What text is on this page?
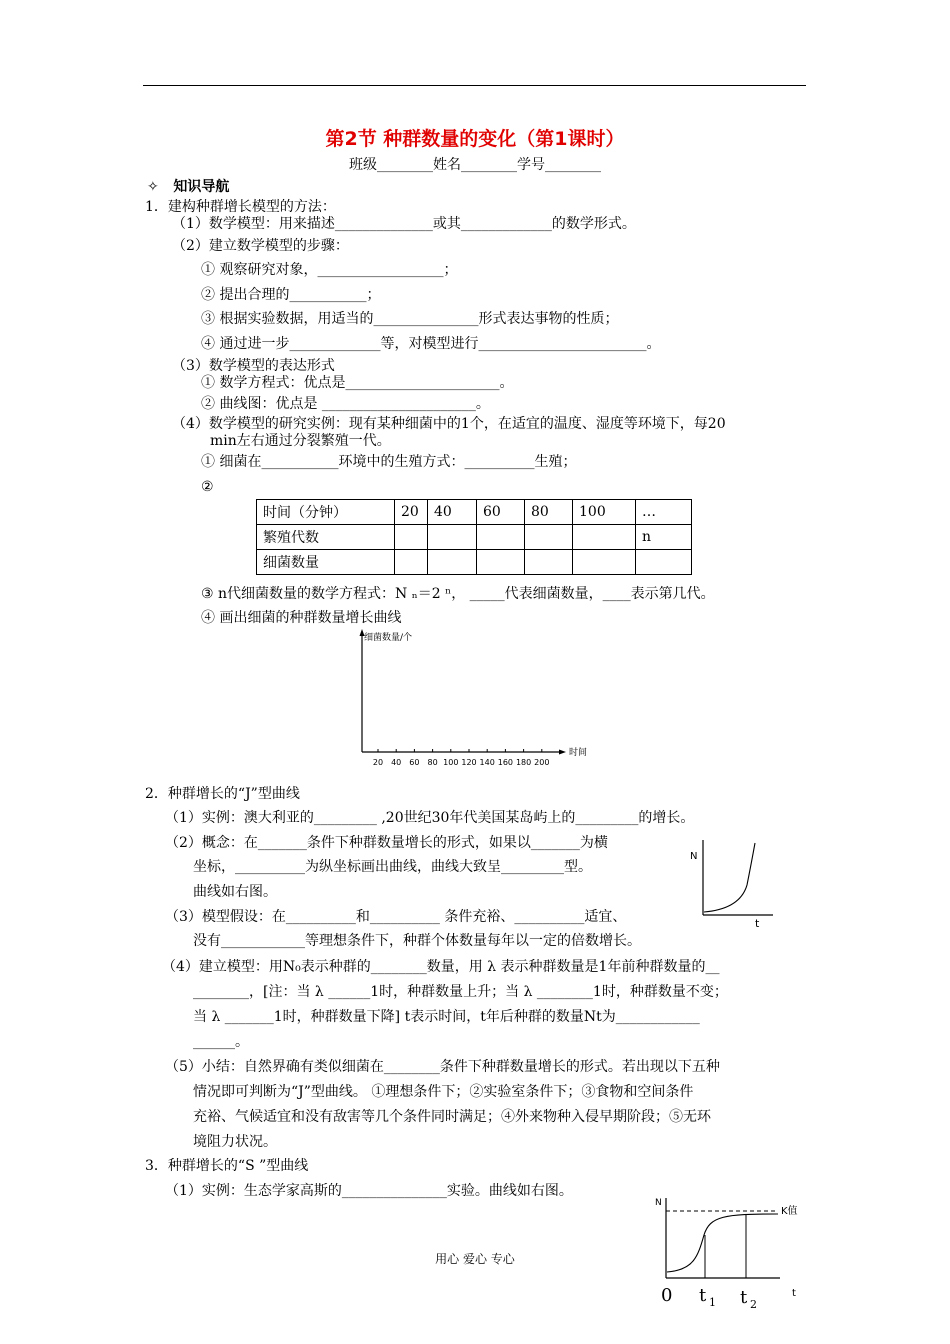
第2节 种群数量的变化（第1课时）
班级________姓名________学号________
✧ 知识导航
1．建构种群增长模型的方法：
（1）数学模型：用来描述______________或其_____________的数学形式。
（2）建立数学模型的步骤：
① 观察研究对象，__________________；
② 提出合理的___________；
③ 根据实验数据，用适当的_______________形式表达事物的性质；
④ 通过进一步_____________等，对模型进行________________________。
（3）数学模型的表达形式
① 数学方程式：优点是______________________。
② 曲线图：优点是 ______________________。
（4）数学模型的研究实例：现有某种细菌中的1个，在适宜的温度、湿度等环境下，每20
min左右通过分裂繁殖一代。
① 细菌在___________环境中的生殖方式：__________生殖；
②
时间（分钟）	20	40	60	80	100	…
繁殖代数						n
细菌数量						
③ n代细菌数量的数学方程式：N ₙ＝2 ⁿ， _____代表细菌数量，____表示第几代。
④ 画出细菌的种群数量增长曲线
细菌数量/个
时间
20 40 60 80 100 120 140 160 180 200
2．种群增长的“J”型曲线
（1）实例：澳大利亚的_________ ,20世纪30年代美国某岛屿上的_________的增长。
（2）概念：在_______条件下种群数量增长的形式，如果以_______为横
坐标，__________为纵坐标画出曲线，曲线大致呈_________型。
曲线如右图。
（3）模型假设：在__________和__________ 条件充裕、__________适宜、
没有____________等理想条件下，种群个体数量每年以一定的倍数增长。
（4）建立模型：用N₀表示种群的________数量，用 λ 表示种群数量是1年前种群数量的__
________，[注：当 λ ______1时，种群数量上升；当 λ ________1时，种群数量不变；
当 λ _______1时，种群数量下降] t表示时间，t年后种群的数量Nt为____________
______。
（5）小结：自然界确有类似细菌在________条件下种群数量增长的形式。若出现以下五种
情况即可判断为“J”型曲线。 ①理想条件下；②实验室条件下；③食物和空间条件
充裕、气候适宜和没有敌害等几个条件同时满足；④外来物种入侵早期阶段；⑤无环
境阻力状况。
N
t
3．种群增长的“S ”型曲线
（1）实例：生态学家高斯的_______________实验。曲线如右图。
N
K值
t
0 t 1 t 2
用心 爱心 专心
